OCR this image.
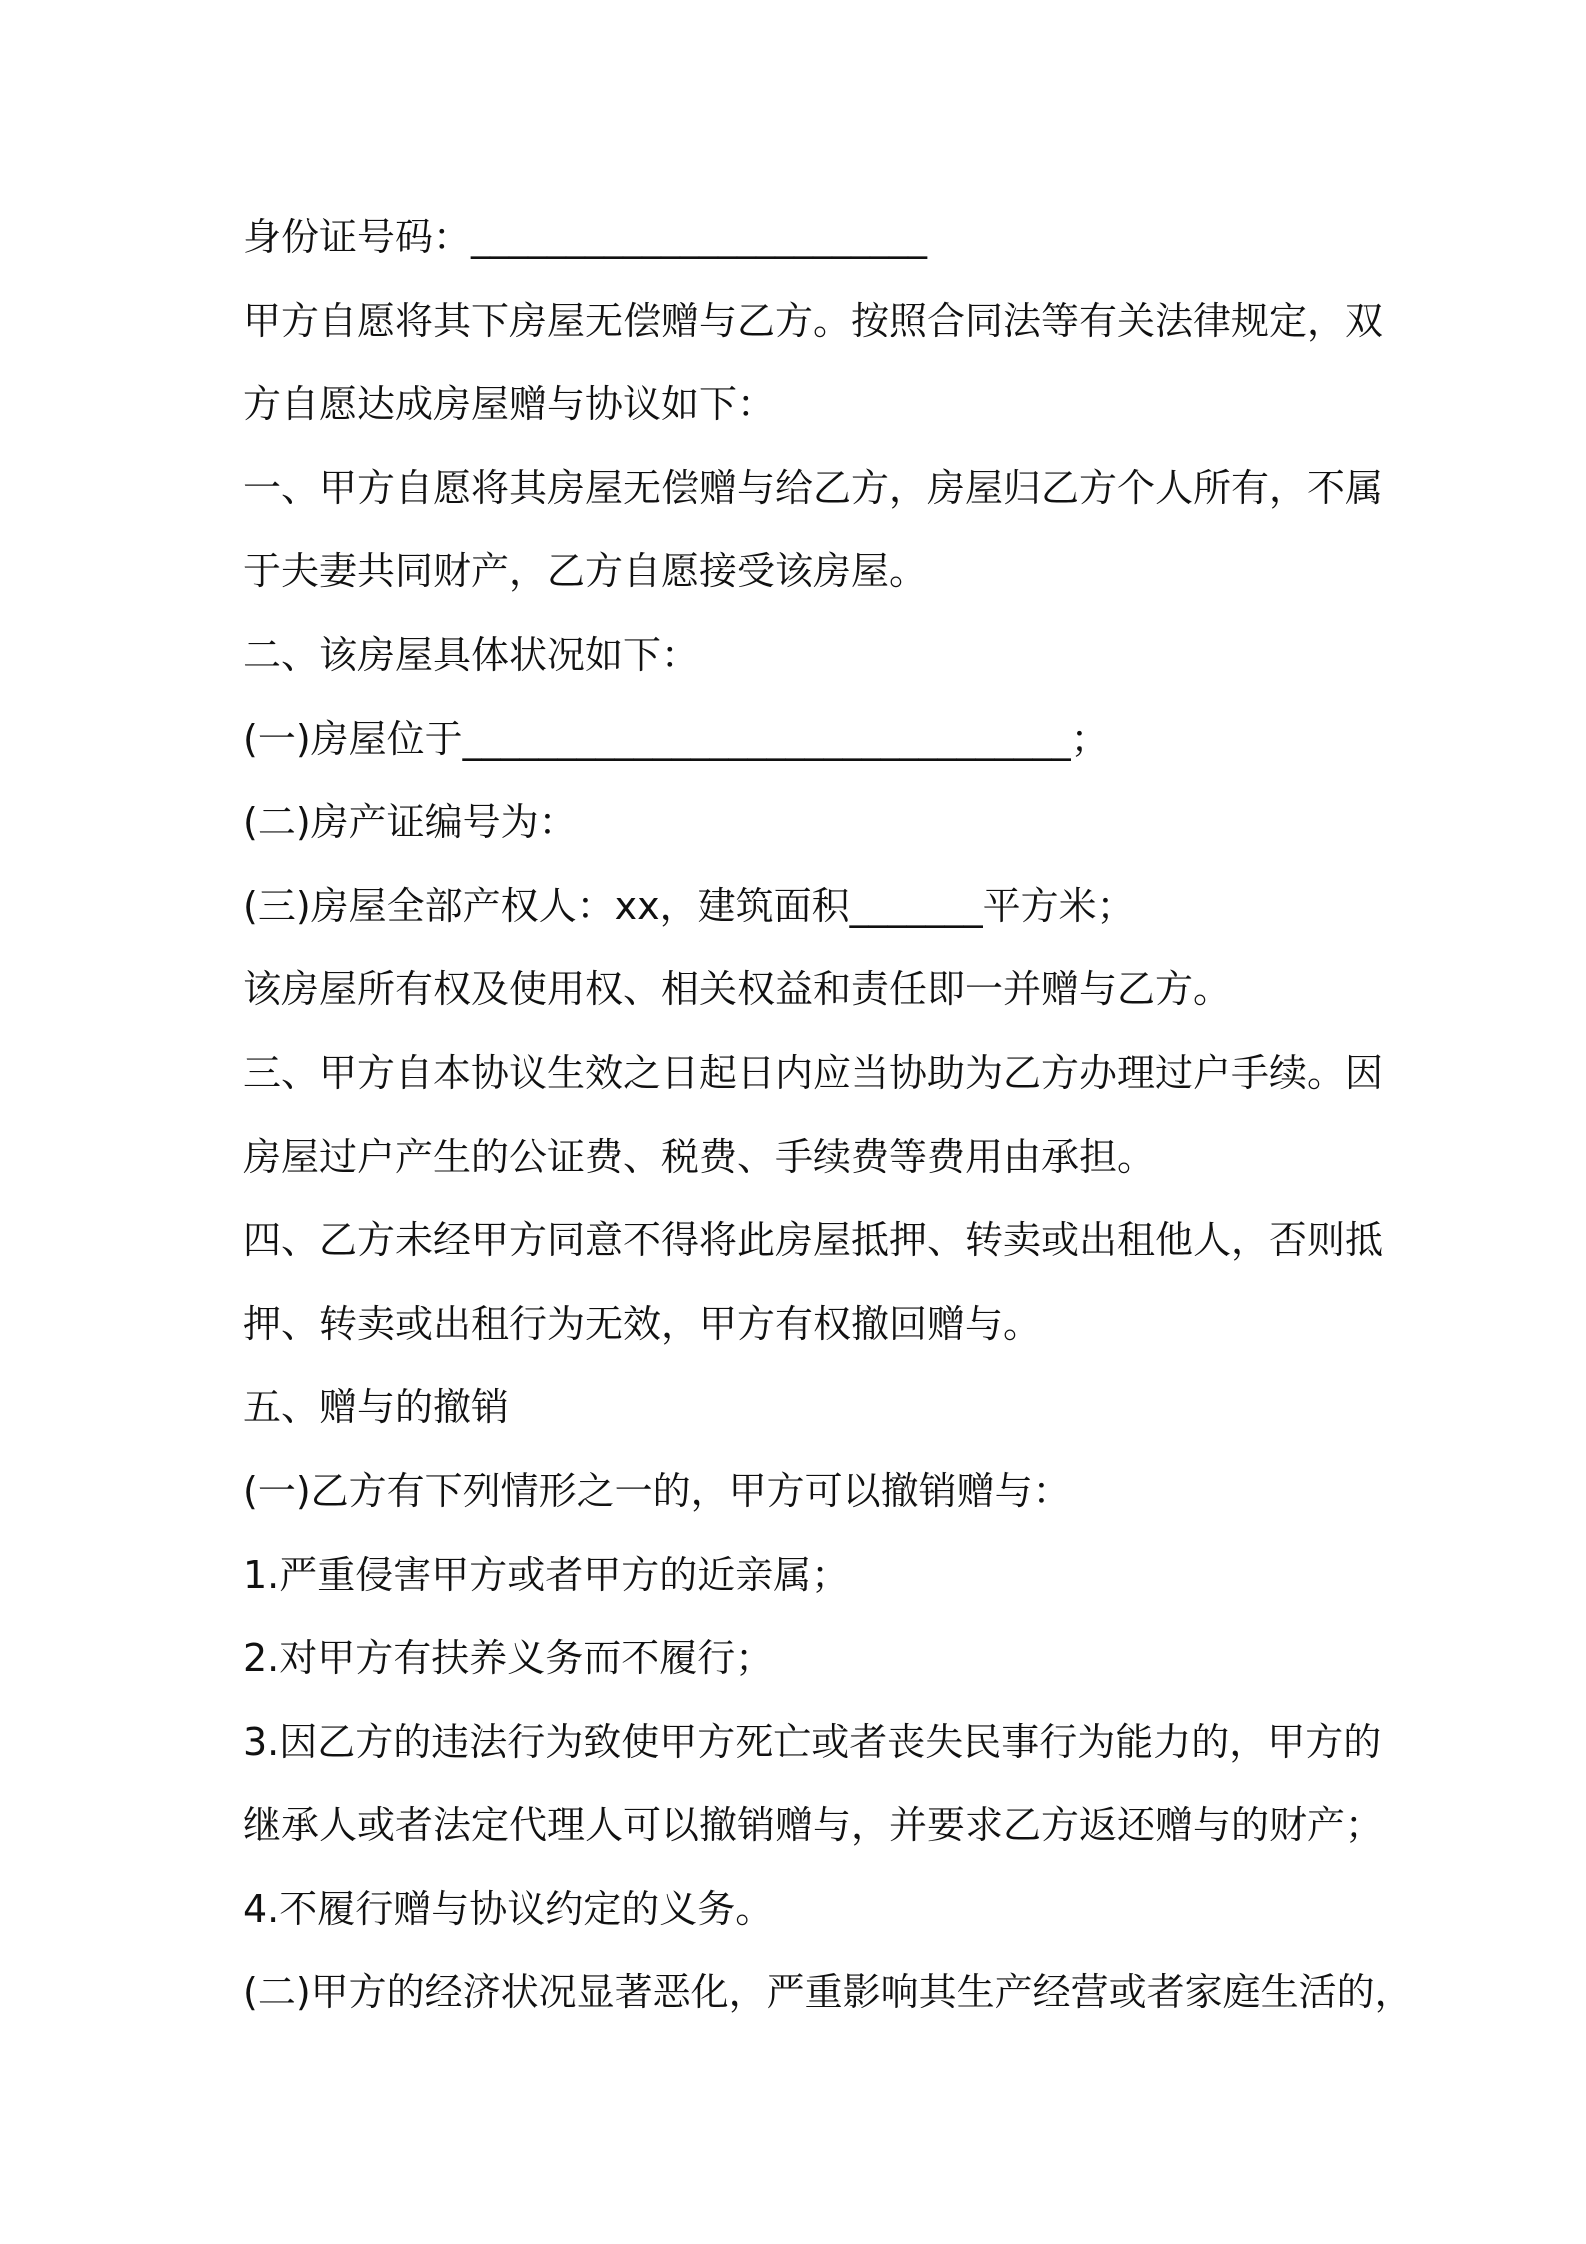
身份证号码：________________________
甲方自愿将其下房屋无偿赠与乙方。按照合同法等有关法律规定，双
方自愿达成房屋赠与协议如下：
一、甲方自愿将其房屋无偿赠与给乙方，房屋归乙方个人所有，不属
于夫妻共同财产，乙方自愿接受该房屋。
二、该房屋具体状况如下：
(一)房屋位于________________________________；
(二)房产证编号为：
(三)房屋全部产权人：xx，建筑面积_______平方米；
该房屋所有权及使用权、相关权益和责任即一并赠与乙方。
三、甲方自本协议生效之日起日内应当协助为乙方办理过户手续。因
房屋过户产生的公证费、税费、手续费等费用由承担。
四、乙方未经甲方同意不得将此房屋抵押、转卖或出租他人，否则抵
押、转卖或出租行为无效，甲方有权撤回赠与。
五、赠与的撤销
(一)乙方有下列情形之一的，甲方可以撤销赠与：
1.严重侵害甲方或者甲方的近亲属；
2.对甲方有扶养义务而不履行；
3.因乙方的违法行为致使甲方死亡或者丧失民事行为能力的，甲方的
继承人或者法定代理人可以撤销赠与，并要求乙方返还赠与的财产；
4.不履行赠与协议约定的义务。
(二)甲方的经济状况显著恶化，严重影响其生产经营或者家庭生活的，
